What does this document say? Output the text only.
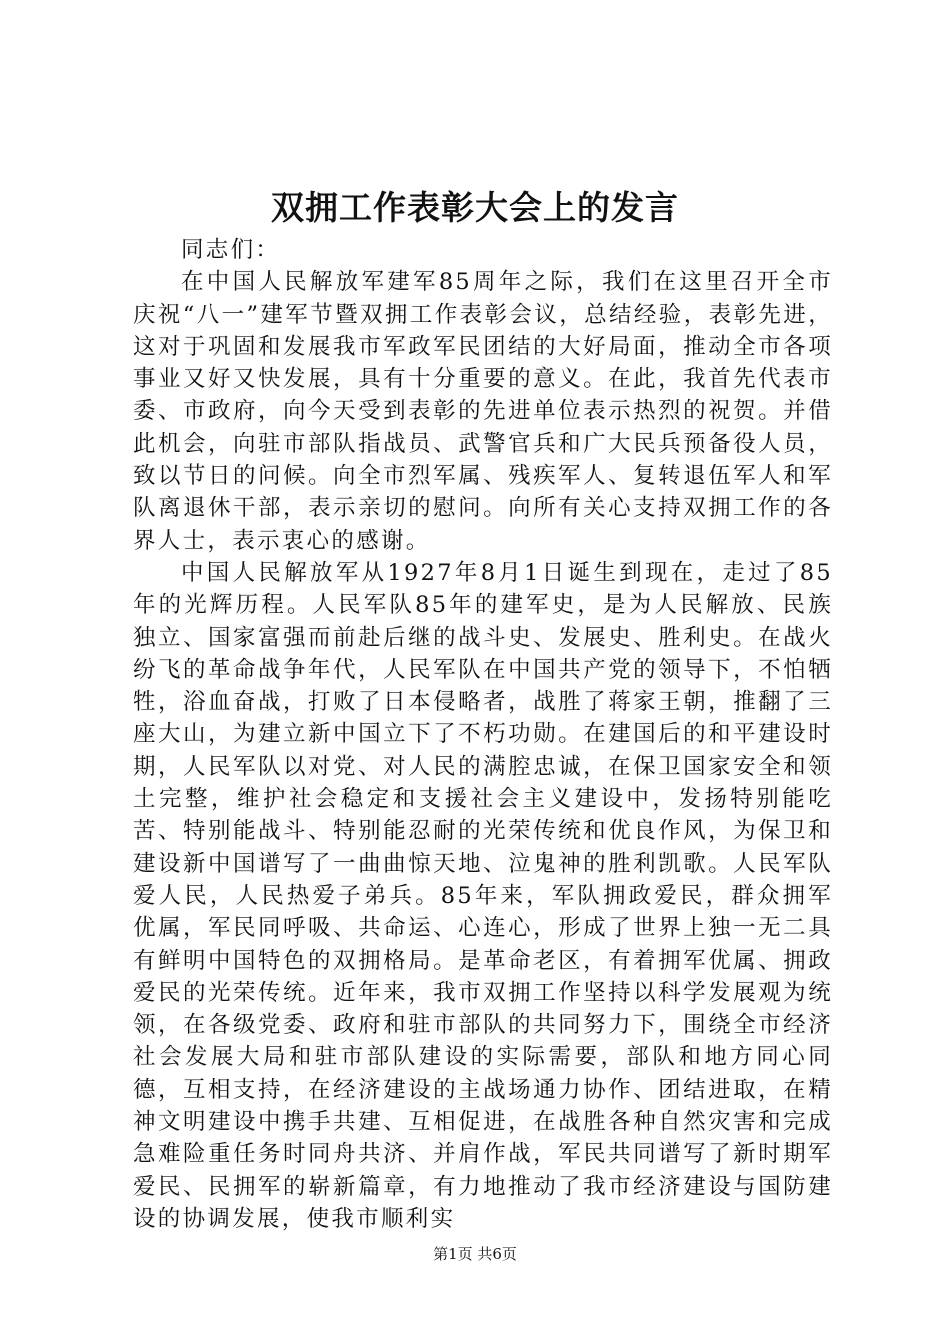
双拥工作表彰大会上的发言

同志们：

在中国人民解放军建军85周年之际，我们在这里召开全市庆祝“八一”建军节暨双拥工作表彰会议，总结经验，表彰先进，这对于巩固和发展我市军政军民团结的大好局面，推动全市各项事业又好又快发展，具有十分重要的意义。在此，我首先代表市委、市政府，向今天受到表彰的先进单位表示热烈的祝贺。并借此机会，向驻市部队指战员、武警官兵和广大民兵预备役人员，致以节日的问候。向全市烈军属、残疾军人、复转退伍军人和军队离退休干部，表示亲切的慰问。向所有关心支持双拥工作的各界人士，表示衷心的感谢。

中国人民解放军从1927年8月1日诞生到现在，走过了85年的光辉历程。人民军队85年的建军史，是为人民解放、民族独立、国家富强而前赴后继的战斗史、发展史、胜利史。在战火纷飞的革命战争年代，人民军队在中国共产党的领导下，不怕牺牲，浴血奋战，打败了日本侵略者，战胜了蒋家王朝，推翻了三座大山，为建立新中国立下了不朽功勋。在建国后的和平建设时期，人民军队以对党、对人民的满腔忠诚，在保卫国家安全和领土完整，维护社会稳定和支援社会主义建设中，发扬特别能吃苦、特别能战斗、特别能忍耐的光荣传统和优良作风，为保卫和建设新中国谱写了一曲曲惊天地、泣鬼神的胜利凯歌。人民军队爱人民，人民热爱子弟兵。85年来，军队拥政爱民，群众拥军优属，军民同呼吸、共命运、心连心，形成了世界上独一无二具有鲜明中国特色的双拥格局。是革命老区，有着拥军优属、拥政爱民的光荣传统。近年来，我市双拥工作坚持以科学发展观为统领，在各级党委、政府和驻市部队的共同努力下，围绕全市经济社会发展大局和驻市部队建设的实际需要，部队和地方同心同德，互相支持，在经济建设的主战场通力协作、团结进取，在精神文明建设中携手共建、互相促进，在战胜各种自然灾害和完成急难险重任务时同舟共济、并肩作战，军民共同谱写了新时期军爱民、民拥军的崭新篇章，有力地推动了我市经济建设与国防建设的协调发展，使我市顺利实

第1页 共6页
